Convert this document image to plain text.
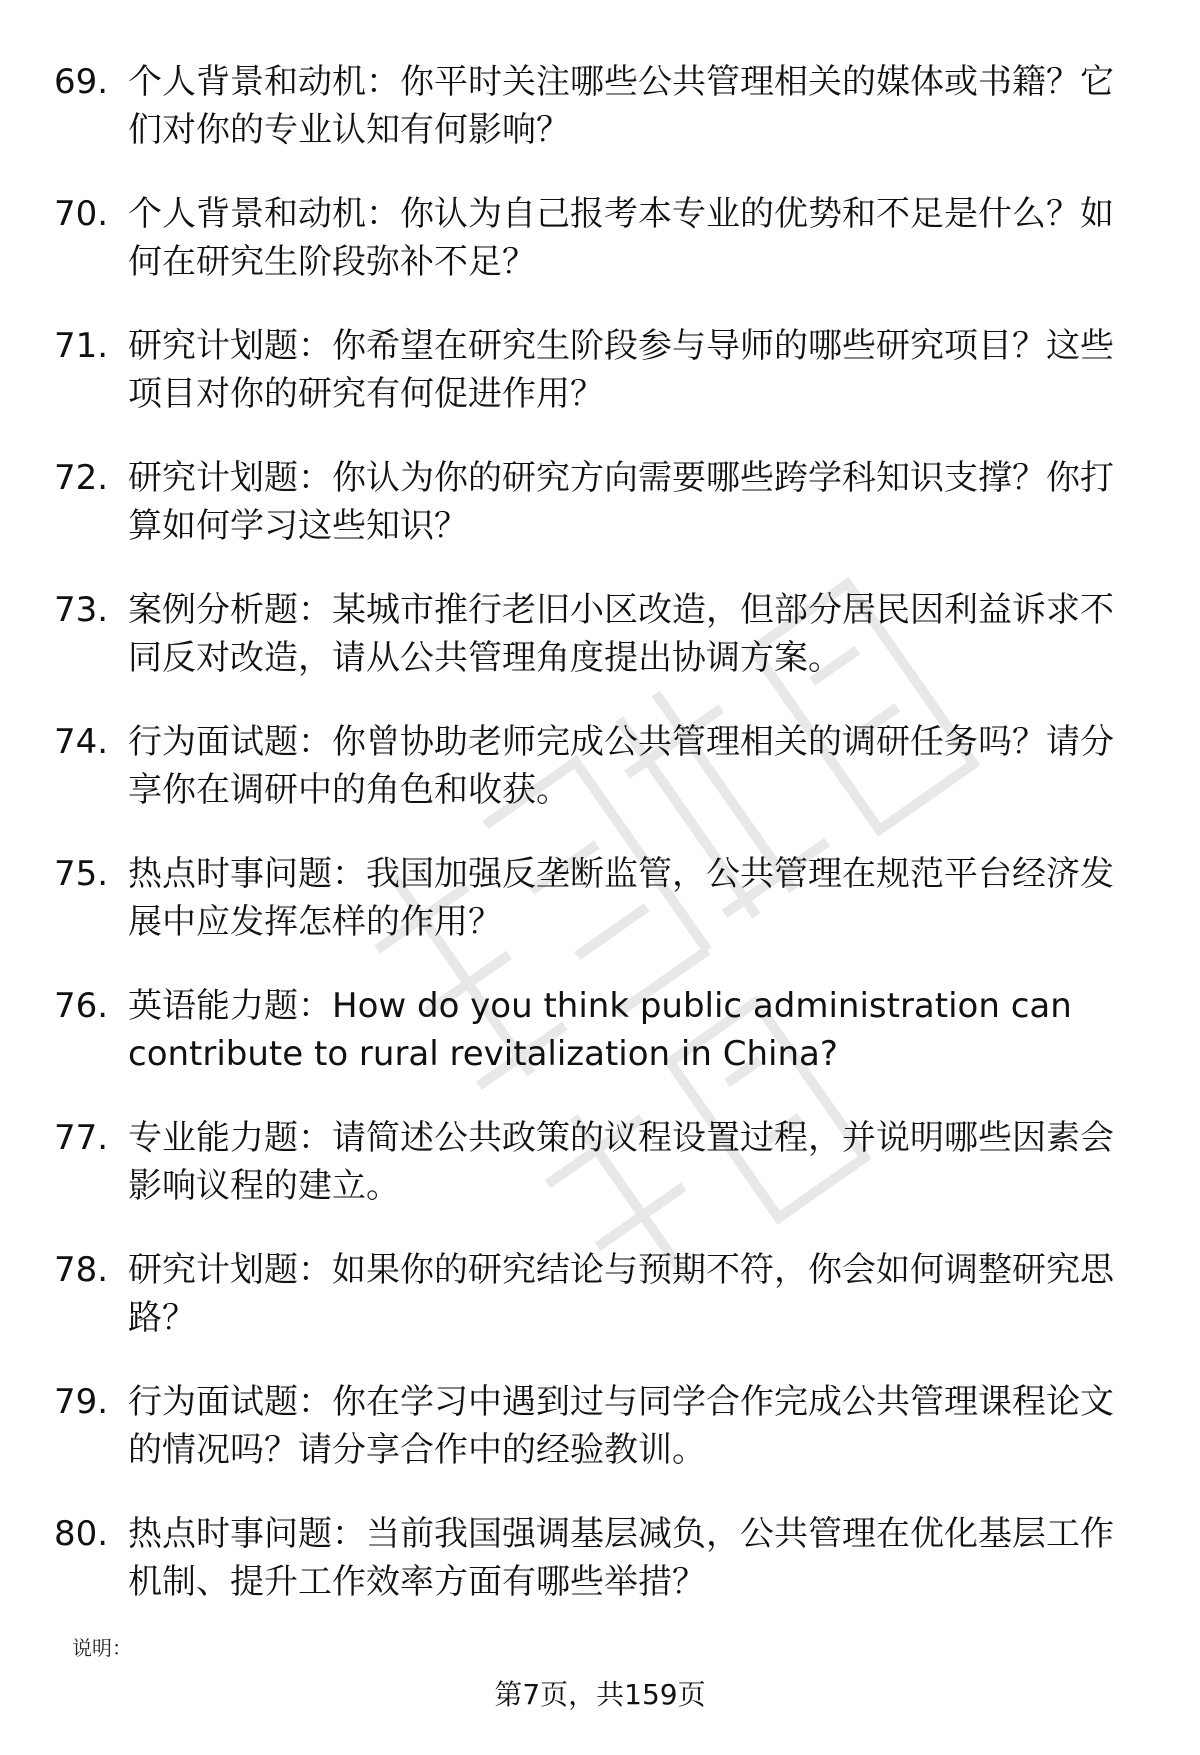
69. 个人背景和动机：你平时关注哪些公共管理相关的媒体或书籍？它们对你的专业认知有何影响？
70. 个人背景和动机：你认为自己报考本专业的优势和不足是什么？如何在研究生阶段弥补不足？
71. 研究计划题：你希望在研究生阶段参与导师的哪些研究项目？这些项目对你的研究有何促进作用？
72. 研究计划题：你认为你的研究方向需要哪些跨学科知识支撑？你打算如何学习这些知识？
73. 案例分析题：某城市推行老旧小区改造，但部分居民因利益诉求不同反对改造，请从公共管理角度提出协调方案。
74. 行为面试题：你曾协助老师完成公共管理相关的调研任务吗？请分享你在调研中的角色和收获。
75. 热点时事问题：我国加强反垄断监管，公共管理在规范平台经济发展中应发挥怎样的作用？
76. 英语能力题：How do you think public administration can contribute to rural revitalization in China?
77. 专业能力题：请简述公共政策的议程设置过程，并说明哪些因素会影响议程的建立。
78. 研究计划题：如果你的研究结论与预期不符，你会如何调整研究思路？
79. 行为面试题：你在学习中遇到过与同学合作完成公共管理课程论文的情况吗？请分享合作中的经验教训。
80. 热点时事问题：当前我国强调基层减负，公共管理在优化基层工作机制、提升工作效率方面有哪些举措？
说明：
第7页，共159页
